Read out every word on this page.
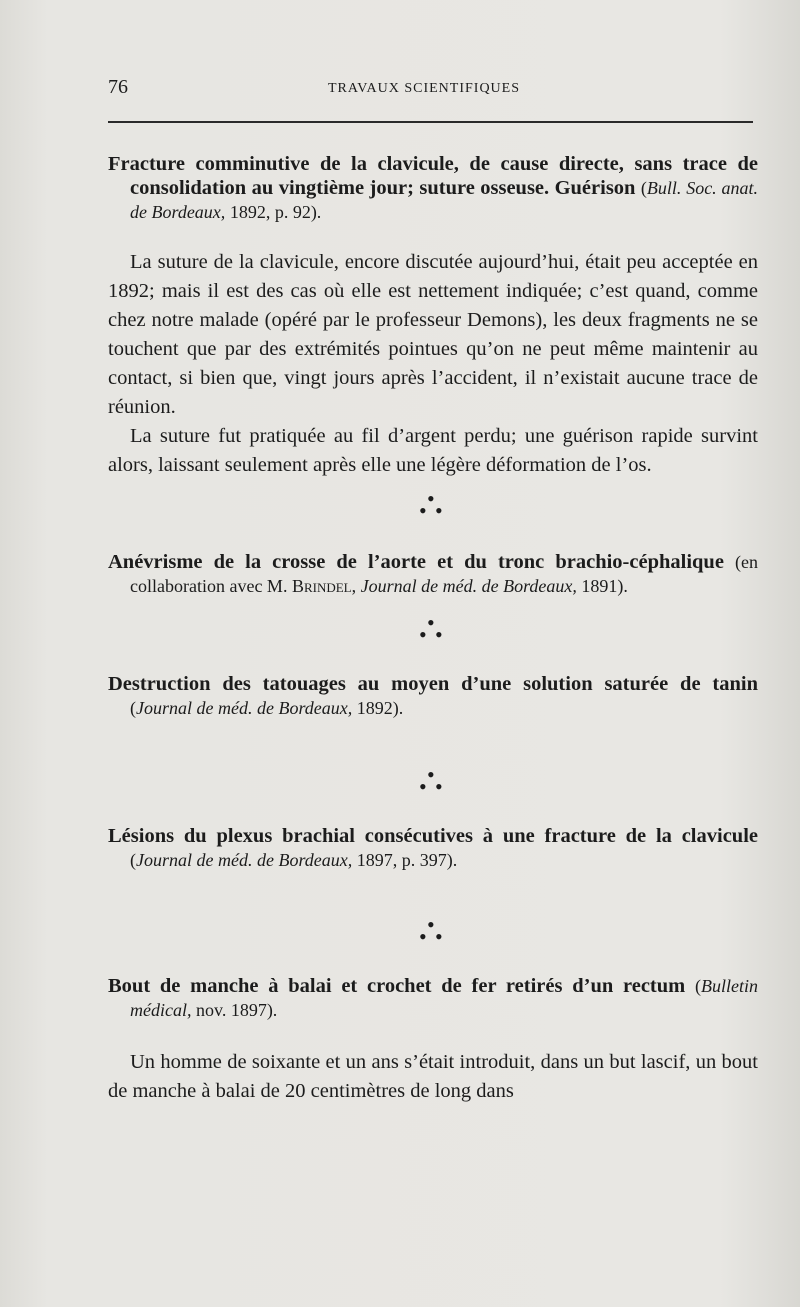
76	TRAVAUX SCIENTIFIQUES

Fracture comminutive de la clavicule, de cause directe, sans trace de consolidation au vingtième jour; suture osseuse. Guérison (Bull. Soc. anat. de Bordeaux, 1892, p. 92).

La suture de la clavicule, encore discutée aujourd’hui, était peu acceptée en 1892; mais il est des cas où elle est nettement indiquée; c’est quand, comme chez notre malade (opéré par le professeur Demons), les deux fragments ne se touchent que par des extrémités pointues qu’on ne peut même maintenir au contact, si bien que, vingt jours après l’accident, il n’existait aucune trace de réunion.

La suture fut pratiquée au fil d’argent perdu; une guérison rapide survint alors, laissant seulement après elle une légère déformation de l’os.

•
• •

Anévrisme de la crosse de l’aorte et du tronc brachio-céphalique (en collaboration avec M. Brindel, Journal de méd. de Bordeaux, 1891).

•
• •

Destruction des tatouages au moyen d’une solution saturée de tanin (Journal de méd. de Bordeaux, 1892).

•
• •

Lésions du plexus brachial consécutives à une fracture de la clavicule (Journal de méd. de Bordeaux, 1897, p. 397).

•
• •

Bout de manche à balai et crochet de fer retirés d’un rectum (Bulletin médical, nov. 1897).

Un homme de soixante et un ans s’était introduit, dans un but lascif, un bout de manche à balai de 20 centimètres de long dans
